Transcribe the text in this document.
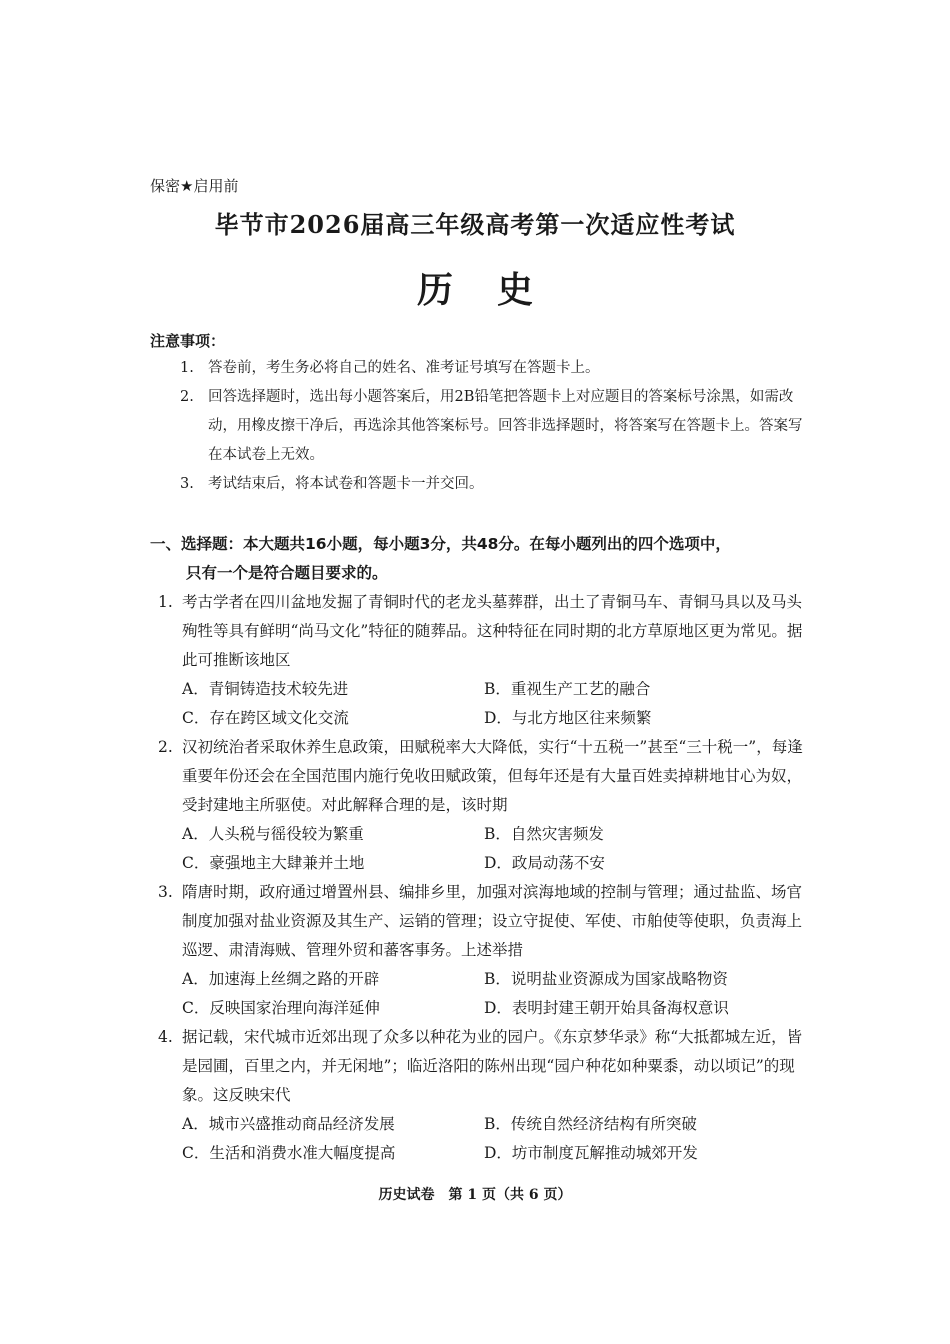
保密★启用前
毕节市2026届高三年级高考第一次适应性考试
历 史
注意事项：
1. 答卷前，考生务必将自己的姓名、准考证号填写在答题卡上。
2. 回答选择题时，选出每小题答案后，用2B铅笔把答题卡上对应题目的答案标号涂黑，如需改动，用橡皮擦干净后，再选涂其他答案标号。回答非选择题时，将答案写在答题卡上。答案写在本试卷上无效。
3. 考试结束后，将本试卷和答题卡一并交回。
一、选择题：本大题共16小题，每小题3分，共48分。在每小题列出的四个选项中，
只有一个是符合题目要求的。
1. 考古学者在四川盆地发掘了青铜时代的老龙头墓葬群，出土了青铜马车、青铜马具以及马头殉牲等具有鲜明“尚马文化”特征的随葬品。这种特征在同时期的北方草原地区更为常见。据此可推断该地区
A．青铜铸造技术较先进	B．重视生产工艺的融合
C．存在跨区域文化交流	D．与北方地区往来频繁
2. 汉初统治者采取休养生息政策，田赋税率大大降低，实行“十五税一”甚至“三十税一”，每逢重要年份还会在全国范围内施行免收田赋政策，但每年还是有大量百姓卖掉耕地甘心为奴，受封建地主所驱使。对此解释合理的是，该时期
A．人头税与徭役较为繁重	B．自然灾害频发
C．豪强地主大肆兼并土地	D．政局动荡不安
3. 隋唐时期，政府通过增置州县、编排乡里，加强对滨海地域的控制与管理；通过盐监、场官制度加强对盐业资源及其生产、运销的管理；设立守捉使、军使、市舶使等使职，负责海上巡逻、肃清海贼、管理外贸和蕃客事务。上述举措
A．加速海上丝绸之路的开辟	B．说明盐业资源成为国家战略物资
C．反映国家治理向海洋延伸	D．表明封建王朝开始具备海权意识
4. 据记载，宋代城市近郊出现了众多以种花为业的园户。《东京梦华录》称“大抵都城左近，皆是园圃，百里之内，并无闲地”；临近洛阳的陈州出现“园户种花如种粟黍，动以顷记”的现象。这反映宋代
A．城市兴盛推动商品经济发展	B．传统自然经济结构有所突破
C．生活和消费水准大幅度提高	D．坊市制度瓦解推动城郊开发
历史试卷　第 1 页（共 6 页）
